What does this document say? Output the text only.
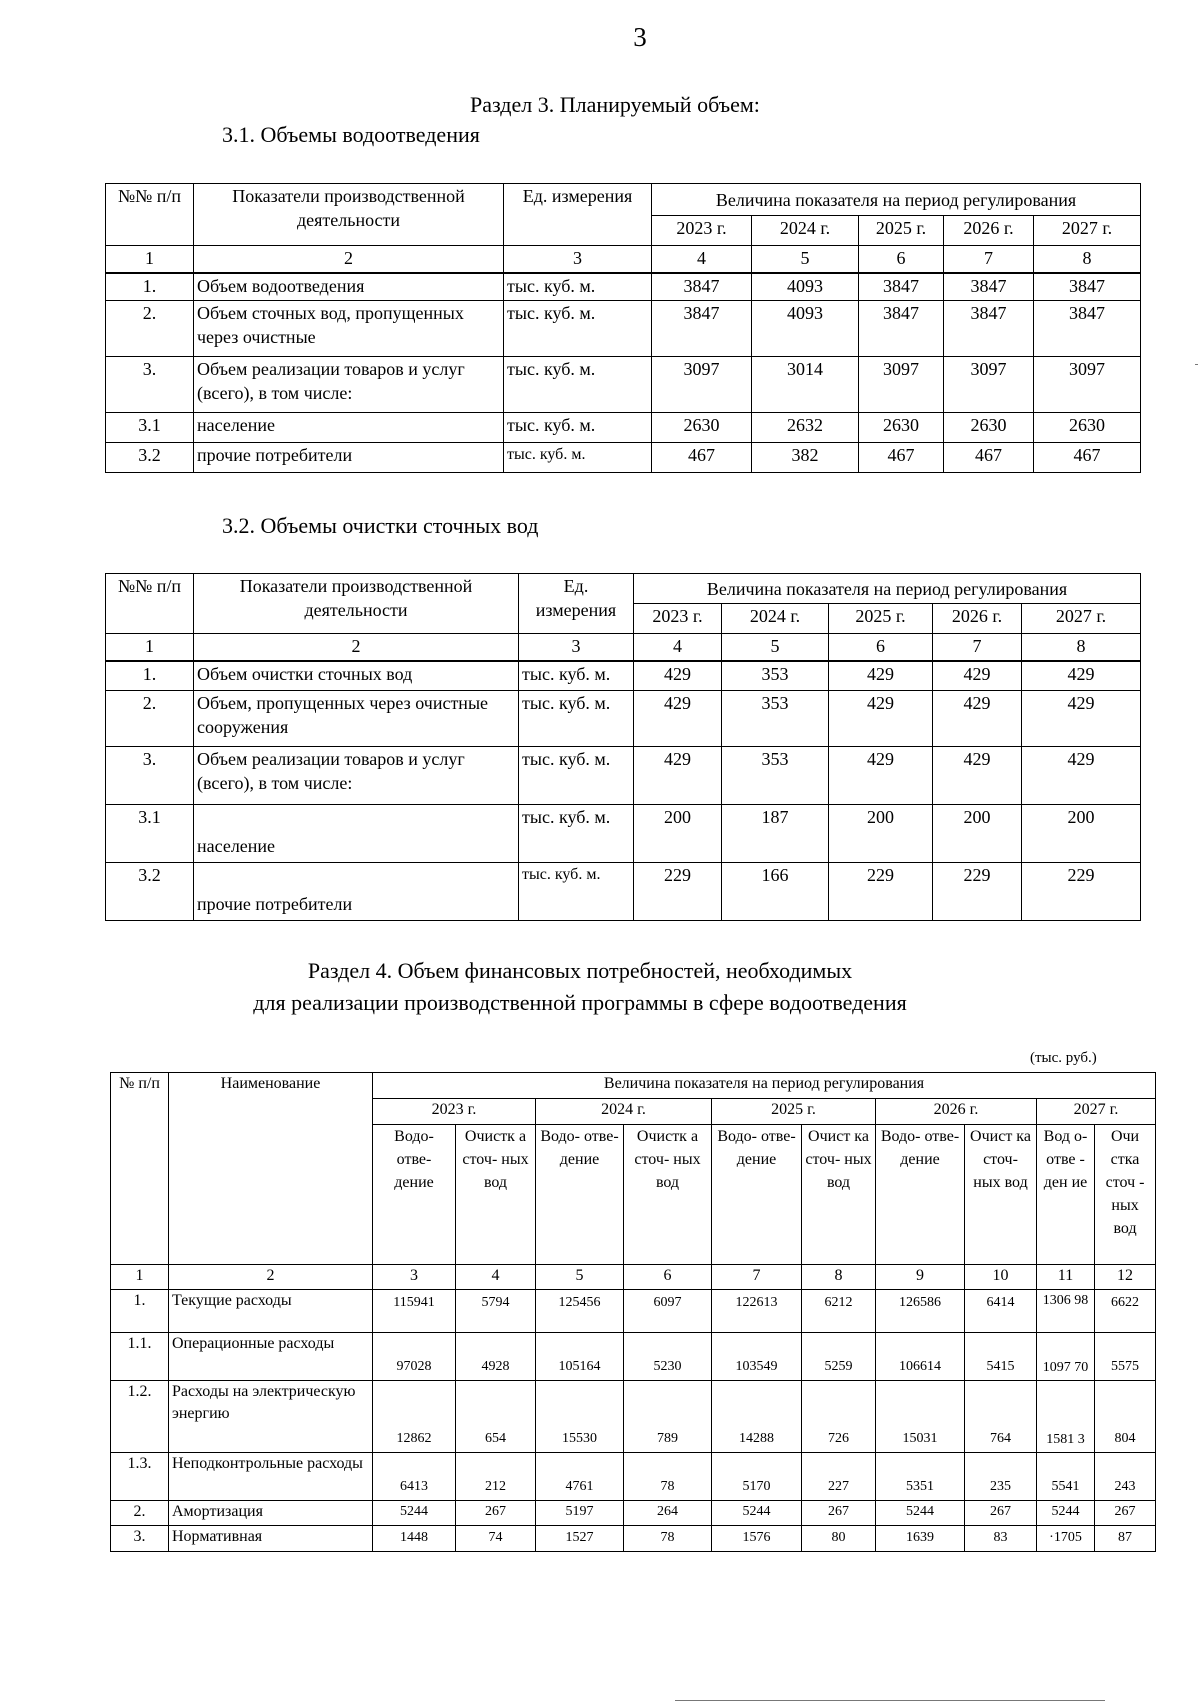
3
Раздел 3. Планируемый объем:
3.1. Объемы водоотведения
№№ п/п	Показатели производственной деятельности	Ед. измерения	Величина показателя на период регулирования				
			2023 г.	2024 г.	2025 г.	2026 г.	2027 г.
1	2	3	4	5	6	7	8
1.	Объем водоотведения	тыс. куб. м.	3847	4093	3847	3847	3847
2.	Объем сточных вод, пропущенных через очистные	тыс. куб. м.	3847	4093	3847	3847	3847
3.	Объем реализации товаров и услуг (всего), в том числе:	тыс. куб. м.	3097	3014	3097	3097	3097
3.1	население	тыс. куб. м.	2630	2632	2630	2630	2630
3.2	прочие потребители	тыс. куб. м.	467	382	467	467	467
3.2. Объемы очистки сточных вод
№№ п/п	Показатели производственной деятельности	Ед. измерения	Величина показателя на период регулирования				
			2023 г.	2024 г.	2025 г.	2026 г.	2027 г.
1	2	3	4	5	6	7	8
1.	Объем очистки сточных вод	тыс. куб. м.	429	353	429	429	429
2.	Объем, пропущенных через очистные сооружения	тыс. куб. м.	429	353	429	429	429
3.	Объем реализации товаров и услуг (всего), в том числе:	тыс. куб. м.	429	353	429	429	429
3.1	население	тыс. куб. м.	200	187	200	200	200
3.2	прочие потребители	тыс. куб. м.	229	166	229	229	229
Раздел 4. Объем финансовых потребностей, необходимых
для реализации производственной программы в сфере водоотведения
(тыс. руб.)
№ п/п	Наименование	Величина показателя на период регулирования									
		2023 г.		2024 г.		2025 г.		2026 г.		2027 г.	
		Водо- отве- дение	Очистк а сточ- ных вод	Водо- отве- дение	Очистк а сточ- ных вод	Водо- отве- дение	Очист ка сточ- ных вод	Водо- отве- дение	Очист ка сточ- ных вод	Вод о- отве - ден ие	Очи стка сточ - ных вод
1	2	3	4	5	6	7	8	9	10	11	12
1.	Текущие расходы	115941	5794	125456	6097	122613	6212	126586	6414	1306 98	6622
1.1.	Операционные расходы	97028	4928	105164	5230	103549	5259	106614	5415	1097 70	5575
1.2.	Расходы на электрическую энергию	12862	654	15530	789	14288	726	15031	764	1581 3	804
1.3.	Неподконтрольные расходы	6413	212	4761	78	5170	227	5351	235	5541	243
2.	Амортизация	5244	267	5197	264	5244	267	5244	267	5244	267
3.	Нормативная	1448	74	1527	78	1576	80	1639	83	·1705	87
